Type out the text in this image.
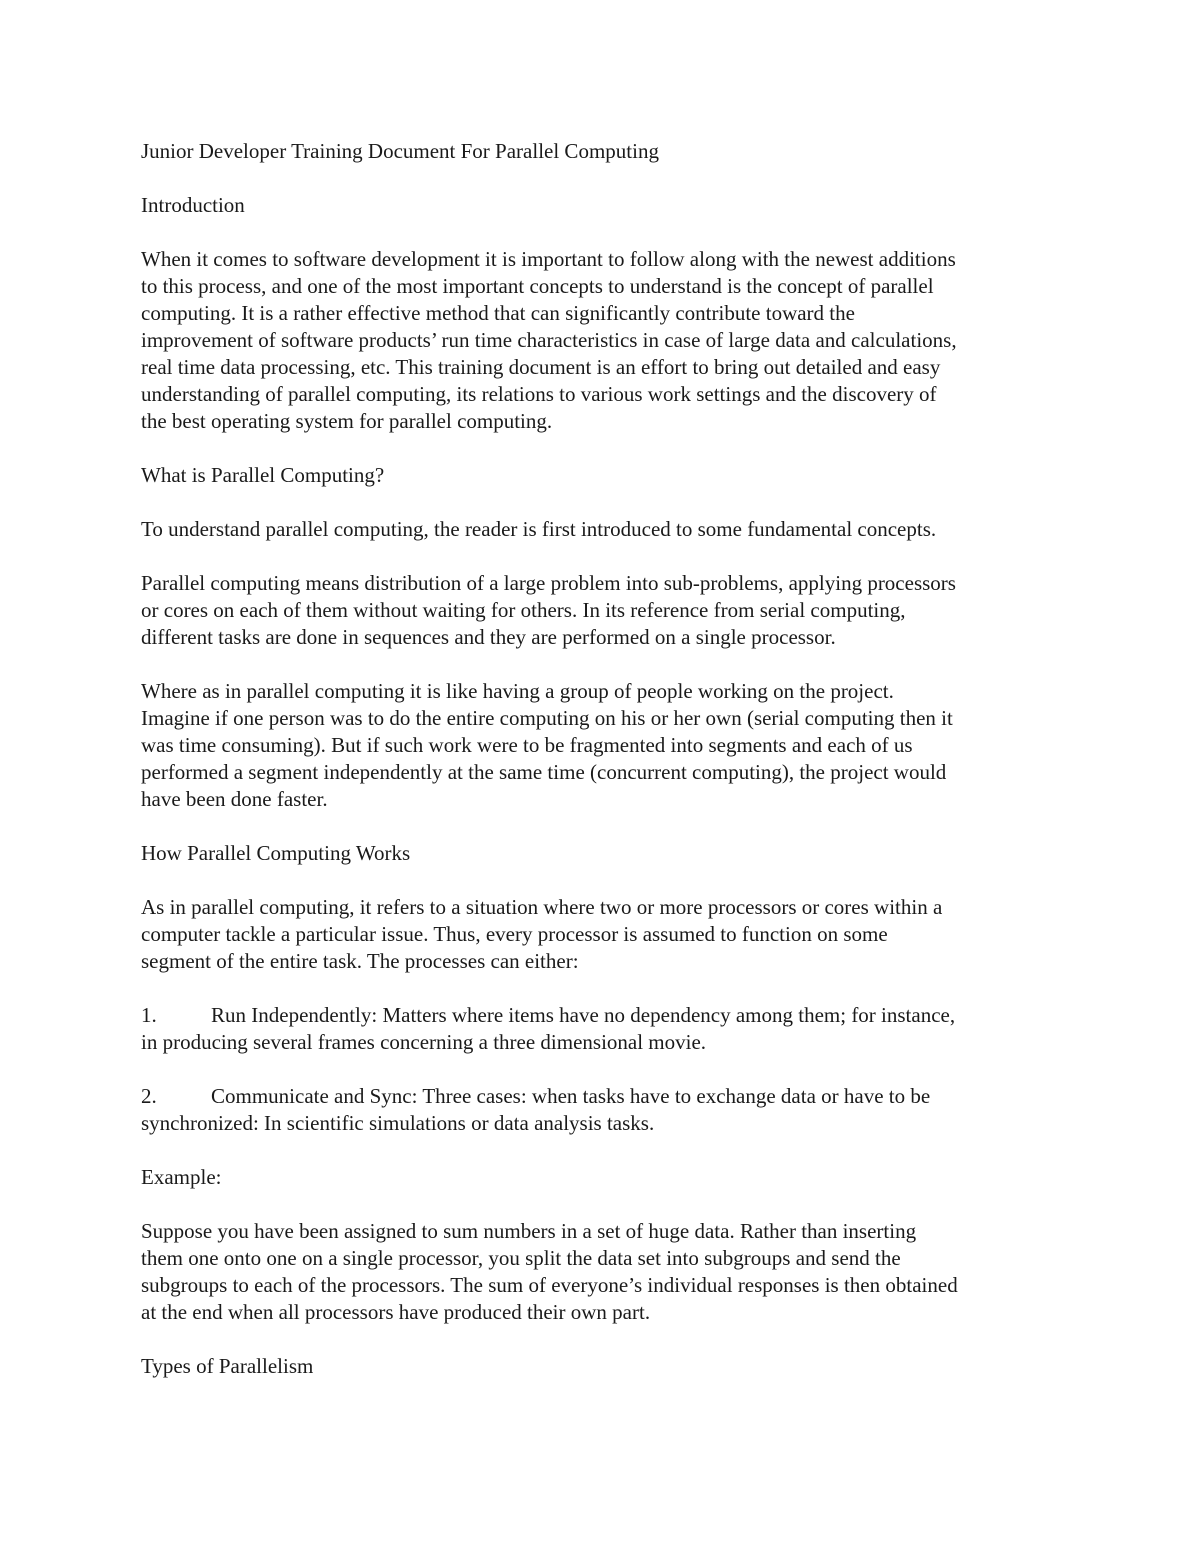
Junior Developer Training Document For Parallel Computing
Introduction
When it comes to software development it is important to follow along with the newest additions
to this process, and one of the most important concepts to understand is the concept of parallel
computing. It is a rather effective method that can significantly contribute toward the
improvement of software products’ run time characteristics in case of large data and calculations,
real time data processing, etc. This training document is an effort to bring out detailed and easy
understanding of parallel computing, its relations to various work settings and the discovery of
the best operating system for parallel computing.
What is Parallel Computing?
To understand parallel computing, the reader is first introduced to some fundamental concepts.
Parallel computing means distribution of a large problem into sub-problems, applying processors
or cores on each of them without waiting for others. In its reference from serial computing,
different tasks are done in sequences and they are performed on a single processor.
Where as in parallel computing it is like having a group of people working on the project.
Imagine if one person was to do the entire computing on his or her own (serial computing then it
was time consuming). But if such work were to be fragmented into segments and each of us
performed a segment independently at the same time (concurrent computing), the project would
have been done faster.
How Parallel Computing Works
As in parallel computing, it refers to a situation where two or more processors or cores within a
computer tackle a particular issue. Thus, every processor is assumed to function on some
segment of the entire task. The processes can either:
1.	Run Independently: Matters where items have no dependency among them; for instance,
in producing several frames concerning a three dimensional movie.
2.	Communicate and Sync: Three cases: when tasks have to exchange data or have to be
synchronized: In scientific simulations or data analysis tasks.
Example:
Suppose you have been assigned to sum numbers in a set of huge data. Rather than inserting
them one onto one on a single processor, you split the data set into subgroups and send the
subgroups to each of the processors. The sum of everyone’s individual responses is then obtained
at the end when all processors have produced their own part.
Types of Parallelism
